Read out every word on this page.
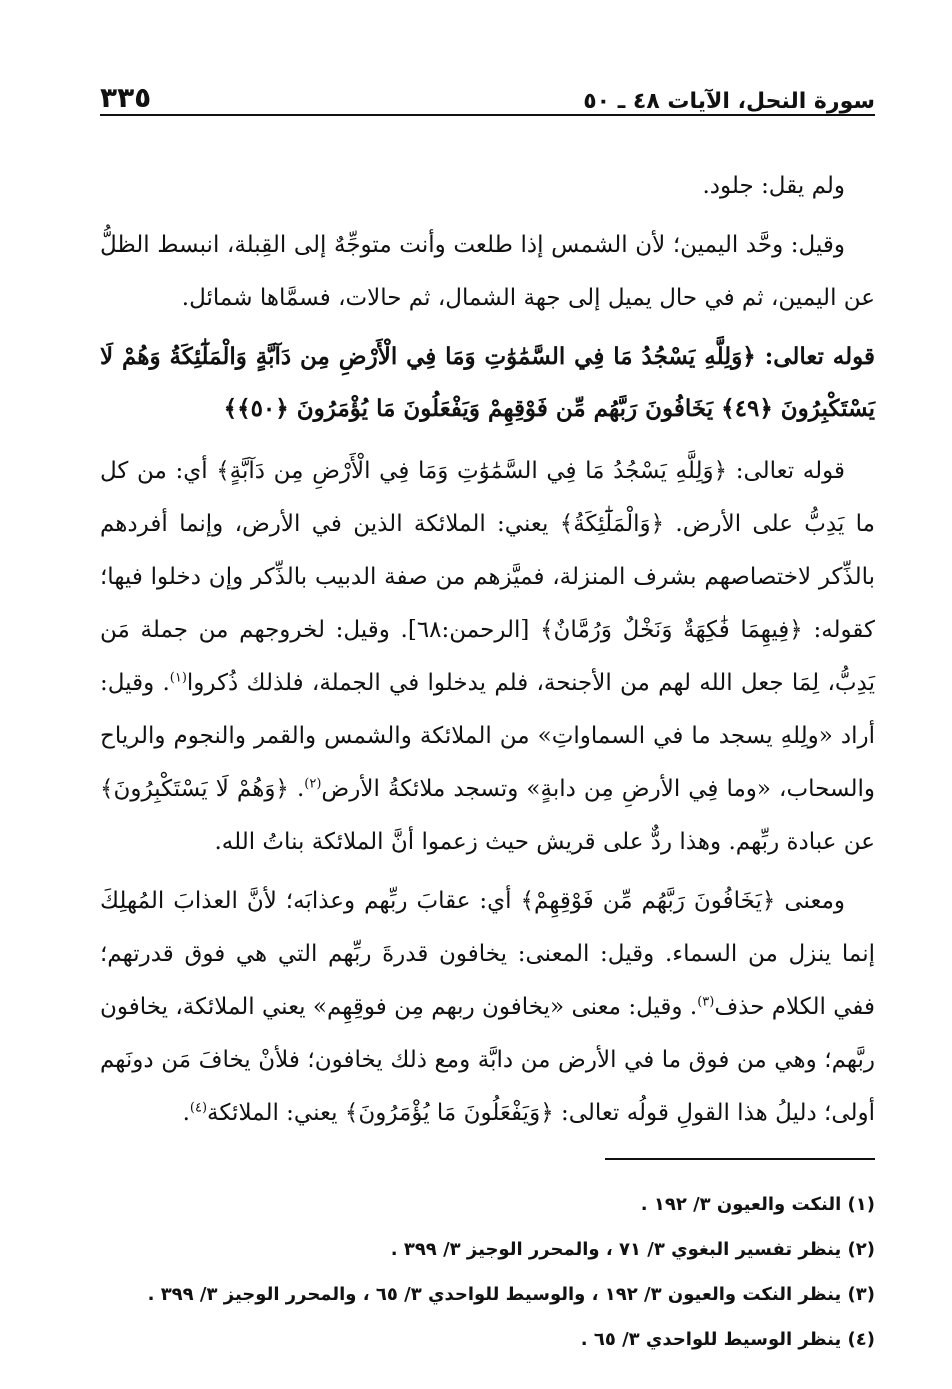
سورة النحل، الآيات ٤٨ ـ ٥٠
٣٣٥

ولم يقل: جلود.

وقيل: وحَّد اليمين؛ لأن الشمس إذا طلعت وأنت متوجِّهٌ إلى القِبلة، انبسط الظلُّ عن اليمين، ثم في حال يميل إلى جهة الشمال، ثم حالات، فسمَّاها شمائل.

قوله تعالى: ﴿وَلِلَّهِ يَسْجُدُ مَا فِي السَّمَٰوَٰتِ وَمَا فِي الْأَرْضِ مِن دَآبَّةٍ وَالْمَلَٰٓئِكَةُ وَهُمْ لَا يَسْتَكْبِرُونَ ﴿٤٩﴾ يَخَافُونَ رَبَّهُم مِّن فَوْقِهِمْ وَيَفْعَلُونَ مَا يُؤْمَرُونَ ﴿٥٠﴾﴾

قوله تعالى: ﴿وَلِلَّهِ يَسْجُدُ مَا فِي السَّمَٰوَٰتِ وَمَا فِي الْأَرْضِ مِن دَآبَّةٍ﴾ أي: من كل ما يَدِبُّ على الأرض. ﴿وَالْمَلَٰٓئِكَةُ﴾ يعني: الملائكة الذين في الأرض، وإنما أفردهم بالذِّكر لاختصاصهم بشرف المنزلة، فميَّزهم من صفة الدبيب بالذِّكر وإن دخلوا فيها؛ كقوله: ﴿فِيهِمَا فَٰكِهَةٌ وَنَخْلٌ وَرُمَّانٌ﴾ [الرحمن:٦٨]. وقيل: لخروجهم من جملة مَن يَدِبُّ، لِمَا جعل الله لهم من الأجنحة، فلم يدخلوا في الجملة، فلذلك ذُكروا$^{(١)}$. وقيل: أراد «ولِلهِ يسجد ما في السماواتِ» من الملائكة والشمس والقمر والنجوم والرياح والسحاب، «وما فِي الأرضِ مِن دابةٍ» وتسجد ملائكةُ الأرض$^{(٢)}$. ﴿وَهُمْ لَا يَسْتَكْبِرُونَ﴾ عن عبادة ربِّهم. وهذا ردٌّ على قريش حيث زعموا أنَّ الملائكة بناتُ الله.

ومعنى ﴿يَخَافُونَ رَبَّهُم مِّن فَوْقِهِمْ﴾ أي: عقابَ ربِّهم وعذابَه؛ لأنَّ العذابَ المُهلِكَ إنما ينزل من السماء. وقيل: المعنى: يخافون قدرةَ ربِّهم التي هي فوق قدرتهم؛ ففي الكلام حذف$^{(٣)}$. وقيل: معنى «يخافون ربهم مِن فوقِهِم» يعني الملائكة، يخافون ربَّهم؛ وهي من فوق ما في الأرض من دابَّة ومع ذلك يخافون؛ فلأنْ يخافَ مَن دونَهم أولى؛ دليلُ هذا القولِ قولُه تعالى: ﴿وَيَفْعَلُونَ مَا يُؤْمَرُونَ﴾ يعني: الملائكة$^{(٤)}$.

(١) النكت والعيون ٣/ ١٩٢ .
(٢) ينظر تفسير البغوي ٣/ ٧١ ، والمحرر الوجيز ٣/ ٣٩٩ .
(٣) ينظر النكت والعيون ٣/ ١٩٢ ، والوسيط للواحدي ٣/ ٦٥ ، والمحرر الوجيز ٣/ ٣٩٩ .
(٤) ينظر الوسيط للواحدي ٣/ ٦٥ .
